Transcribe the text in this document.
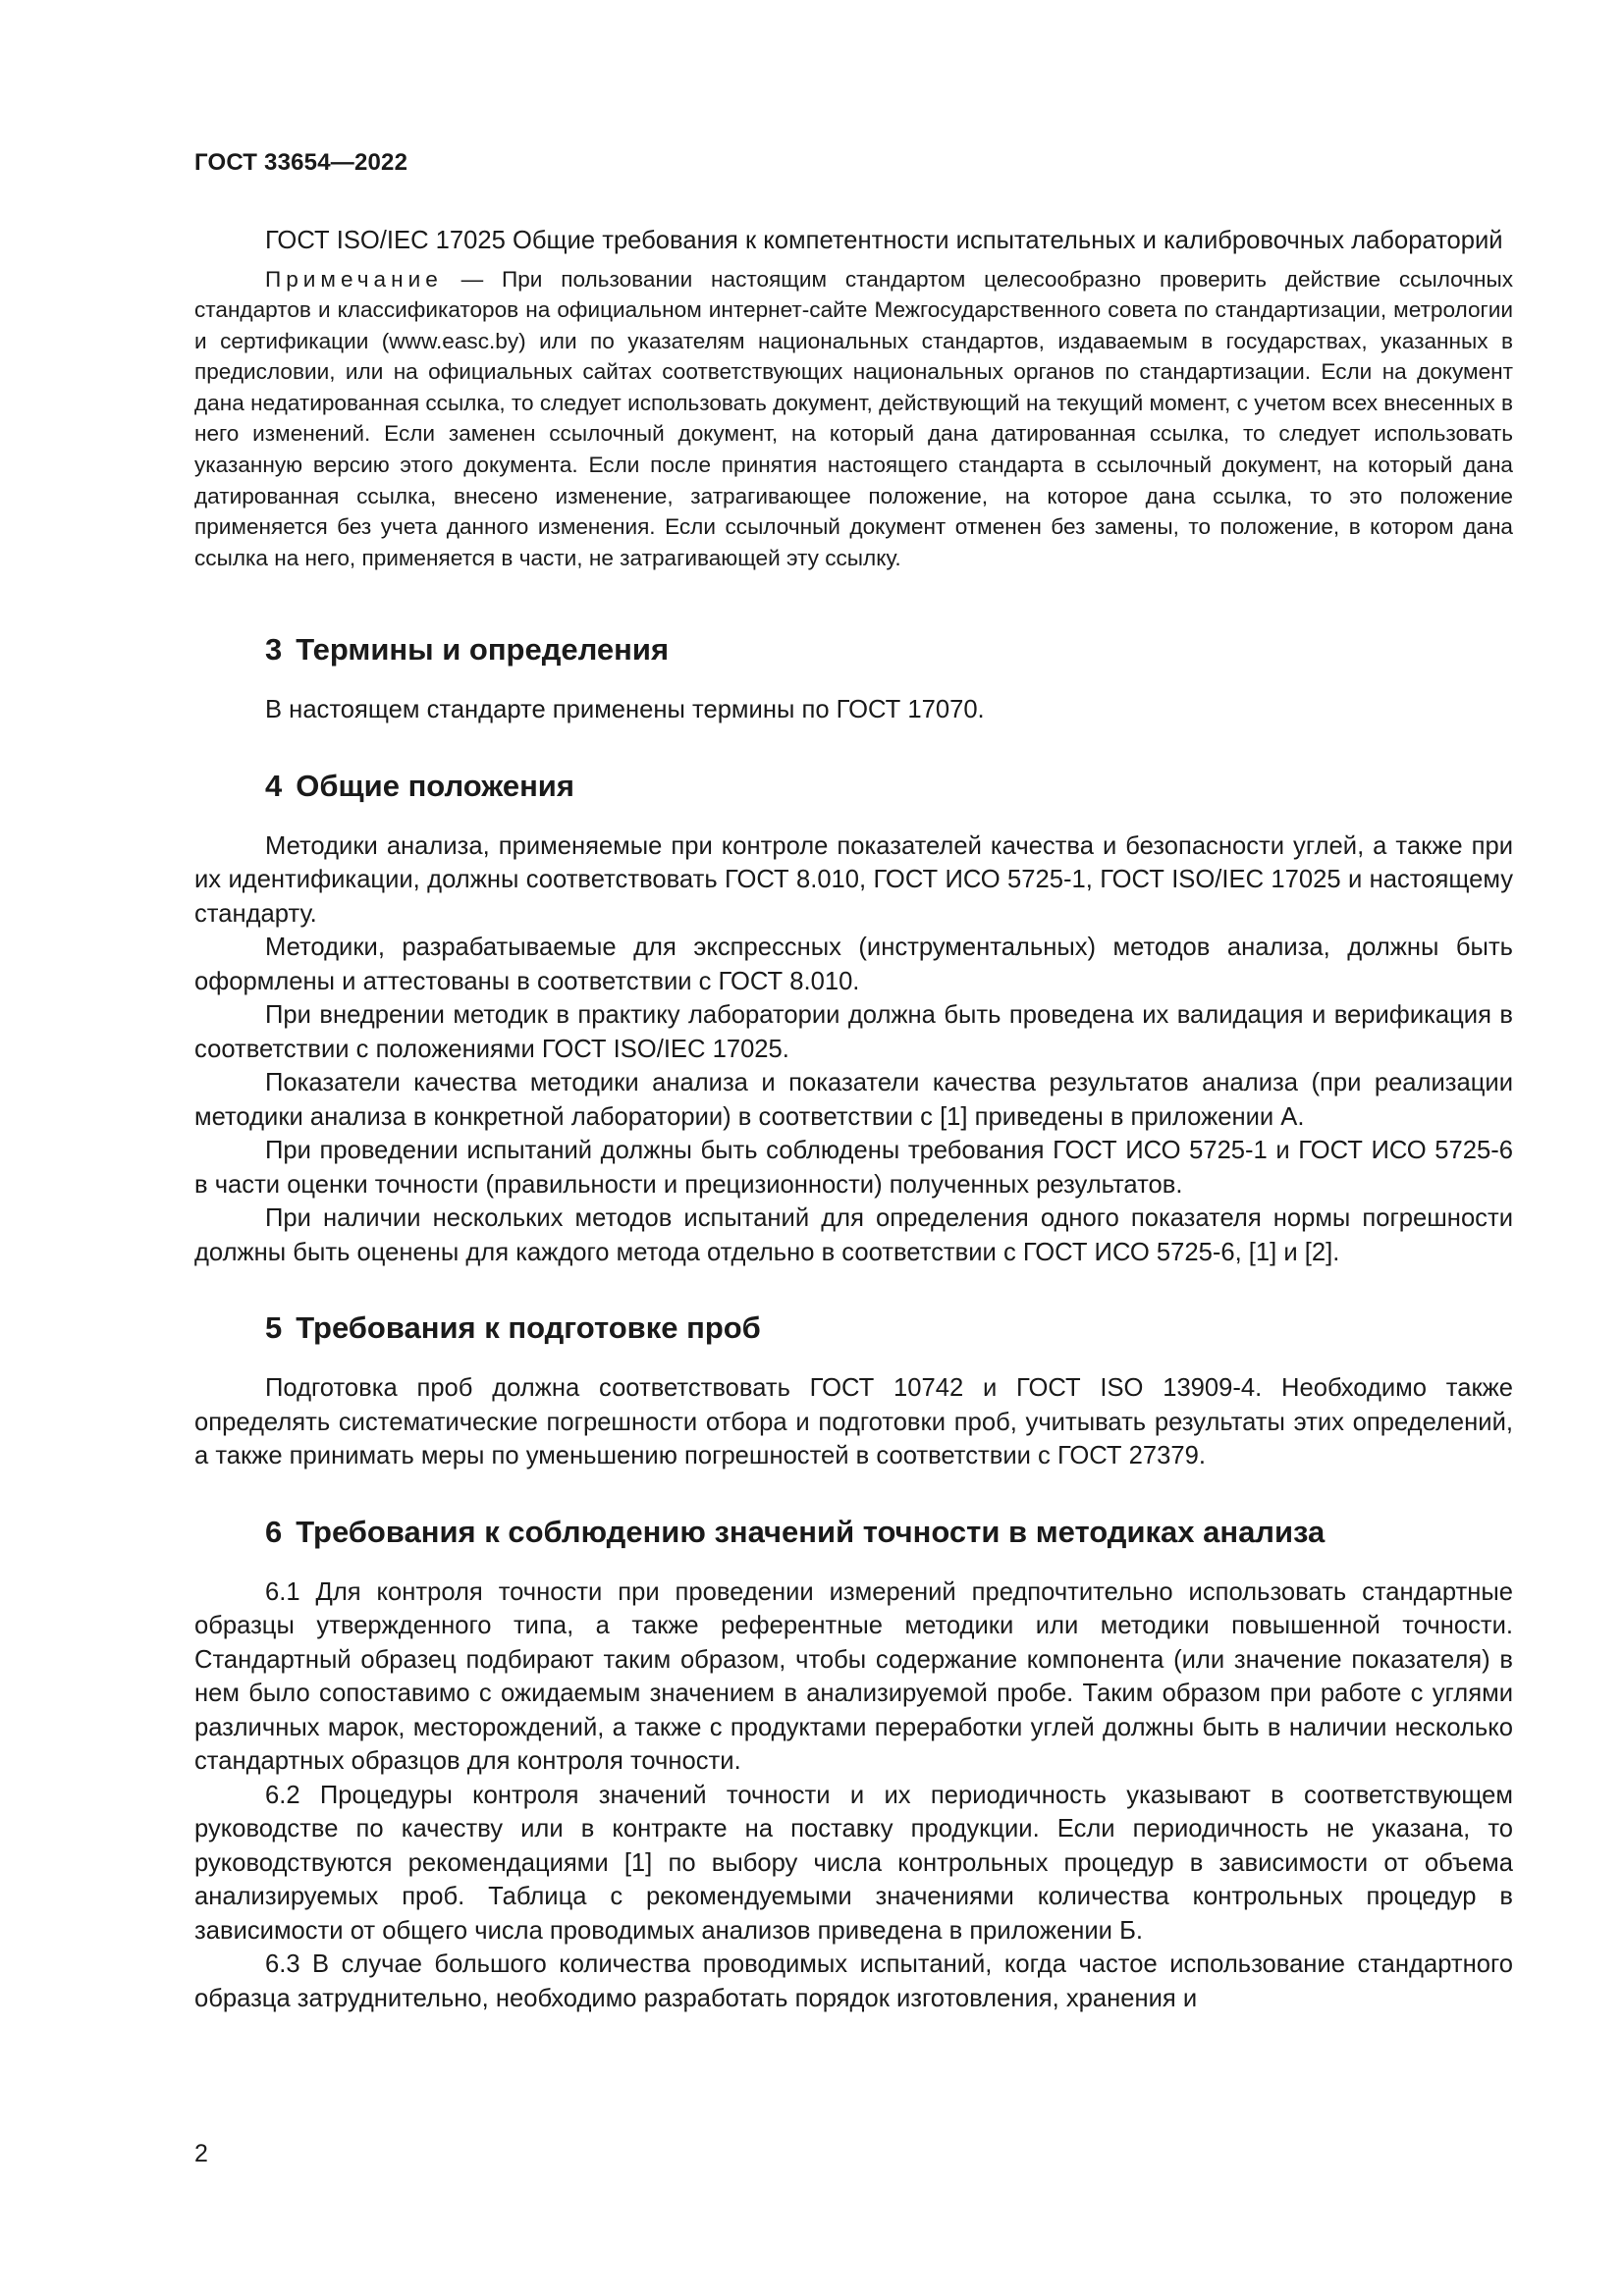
ГОСТ 33654—2022

ГОСТ ISO/IEC 17025 Общие требования к компетентности испытательных и калибровочных лабораторий

Примечание — При пользовании настоящим стандартом целесообразно проверить действие ссылочных стандартов и классификаторов на официальном интернет-сайте Межгосударственного совета по стандартизации, метрологии и сертификации (www.easc.by) или по указателям национальных стандартов, издаваемым в государствах, указанных в предисловии, или на официальных сайтах соответствующих национальных органов по стандартизации. Если на документ дана недатированная ссылка, то следует использовать документ, действующий на текущий момент, с учетом всех внесенных в него изменений. Если заменен ссылочный документ, на который дана датированная ссылка, то следует использовать указанную версию этого документа. Если после принятия настоящего стандарта в ссылочный документ, на который дана датированная ссылка, внесено изменение, затрагивающее положение, на которое дана ссылка, то это положение применяется без учета данного изменения. Если ссылочный документ отменен без замены, то положение, в котором дана ссылка на него, применяется в части, не затрагивающей эту ссылку.

3 Термины и определения

В настоящем стандарте применены термины по ГОСТ 17070.

4 Общие положения

Методики анализа, применяемые при контроле показателей качества и безопасности углей, а также при их идентификации, должны соответствовать ГОСТ 8.010, ГОСТ ИСО 5725-1, ГОСТ ISO/IEC 17025 и настоящему стандарту.

Методики, разрабатываемые для экспрессных (инструментальных) методов анализа, должны быть оформлены и аттестованы в соответствии с ГОСТ 8.010.

При внедрении методик в практику лаборатории должна быть проведена их валидация и верификация в соответствии с положениями ГОСТ ISO/IEC 17025.

Показатели качества методики анализа и показатели качества результатов анализа (при реализации методики анализа в конкретной лаборатории) в соответствии с [1] приведены в приложении А.

При проведении испытаний должны быть соблюдены требования ГОСТ ИСО 5725-1 и ГОСТ ИСО 5725-6 в части оценки точности (правильности и прецизионности) полученных результатов.

При наличии нескольких методов испытаний для определения одного показателя нормы погрешности должны быть оценены для каждого метода отдельно в соответствии с ГОСТ ИСО 5725-6, [1] и [2].

5 Требования к подготовке проб

Подготовка проб должна соответствовать ГОСТ 10742 и ГОСТ ISO 13909-4. Необходимо также определять систематические погрешности отбора и подготовки проб, учитывать результаты этих определений, а также принимать меры по уменьшению погрешностей в соответствии с ГОСТ 27379.

6 Требования к соблюдению значений точности в методиках анализа

6.1 Для контроля точности при проведении измерений предпочтительно использовать стандартные образцы утвержденного типа, а также референтные методики или методики повышенной точности. Стандартный образец подбирают таким образом, чтобы содержание компонента (или значение показателя) в нем было сопоставимо с ожидаемым значением в анализируемой пробе. Таким образом при работе с углями различных марок, месторождений, а также с продуктами переработки углей должны быть в наличии несколько стандартных образцов для контроля точности.

6.2 Процедуры контроля значений точности и их периодичность указывают в соответствующем руководстве по качеству или в контракте на поставку продукции. Если периодичность не указана, то руководствуются рекомендациями [1] по выбору числа контрольных процедур в зависимости от объема анализируемых проб. Таблица с рекомендуемыми значениями количества контрольных процедур в зависимости от общего числа проводимых анализов приведена в приложении Б.

6.3 В случае большого количества проводимых испытаний, когда частое использование стандартного образца затруднительно, необходимо разработать порядок изготовления, хранения и

2
